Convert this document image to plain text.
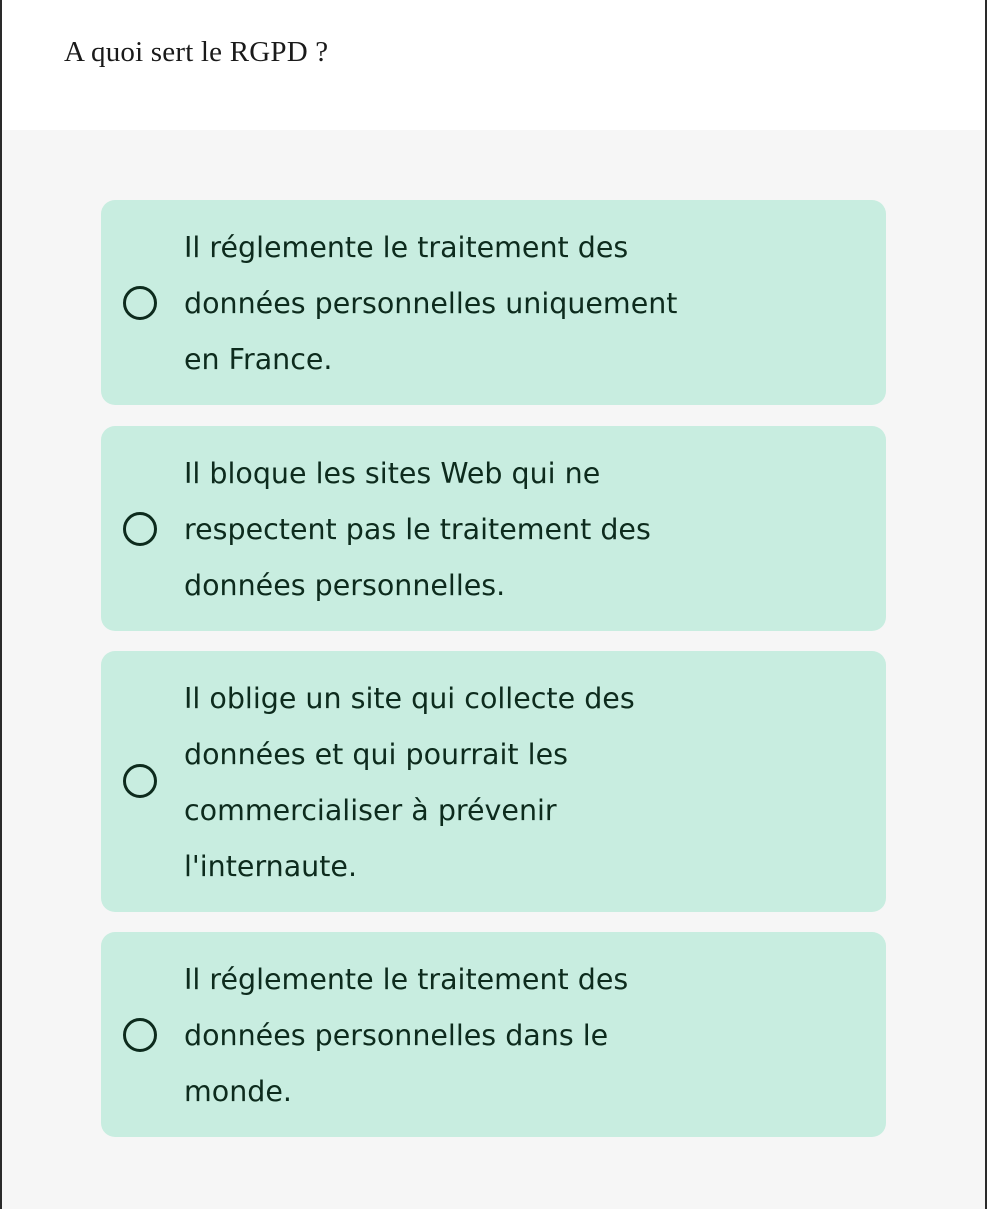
A quoi sert le RGPD ?
Il réglemente le traitement des
données personnelles uniquement
en France.
Il bloque les sites Web qui ne
respectent pas le traitement des
données personnelles.
Il oblige un site qui collecte des
données et qui pourrait les
commercialiser à prévenir
l'internaute.
Il réglemente le traitement des
données personnelles dans le
monde.
